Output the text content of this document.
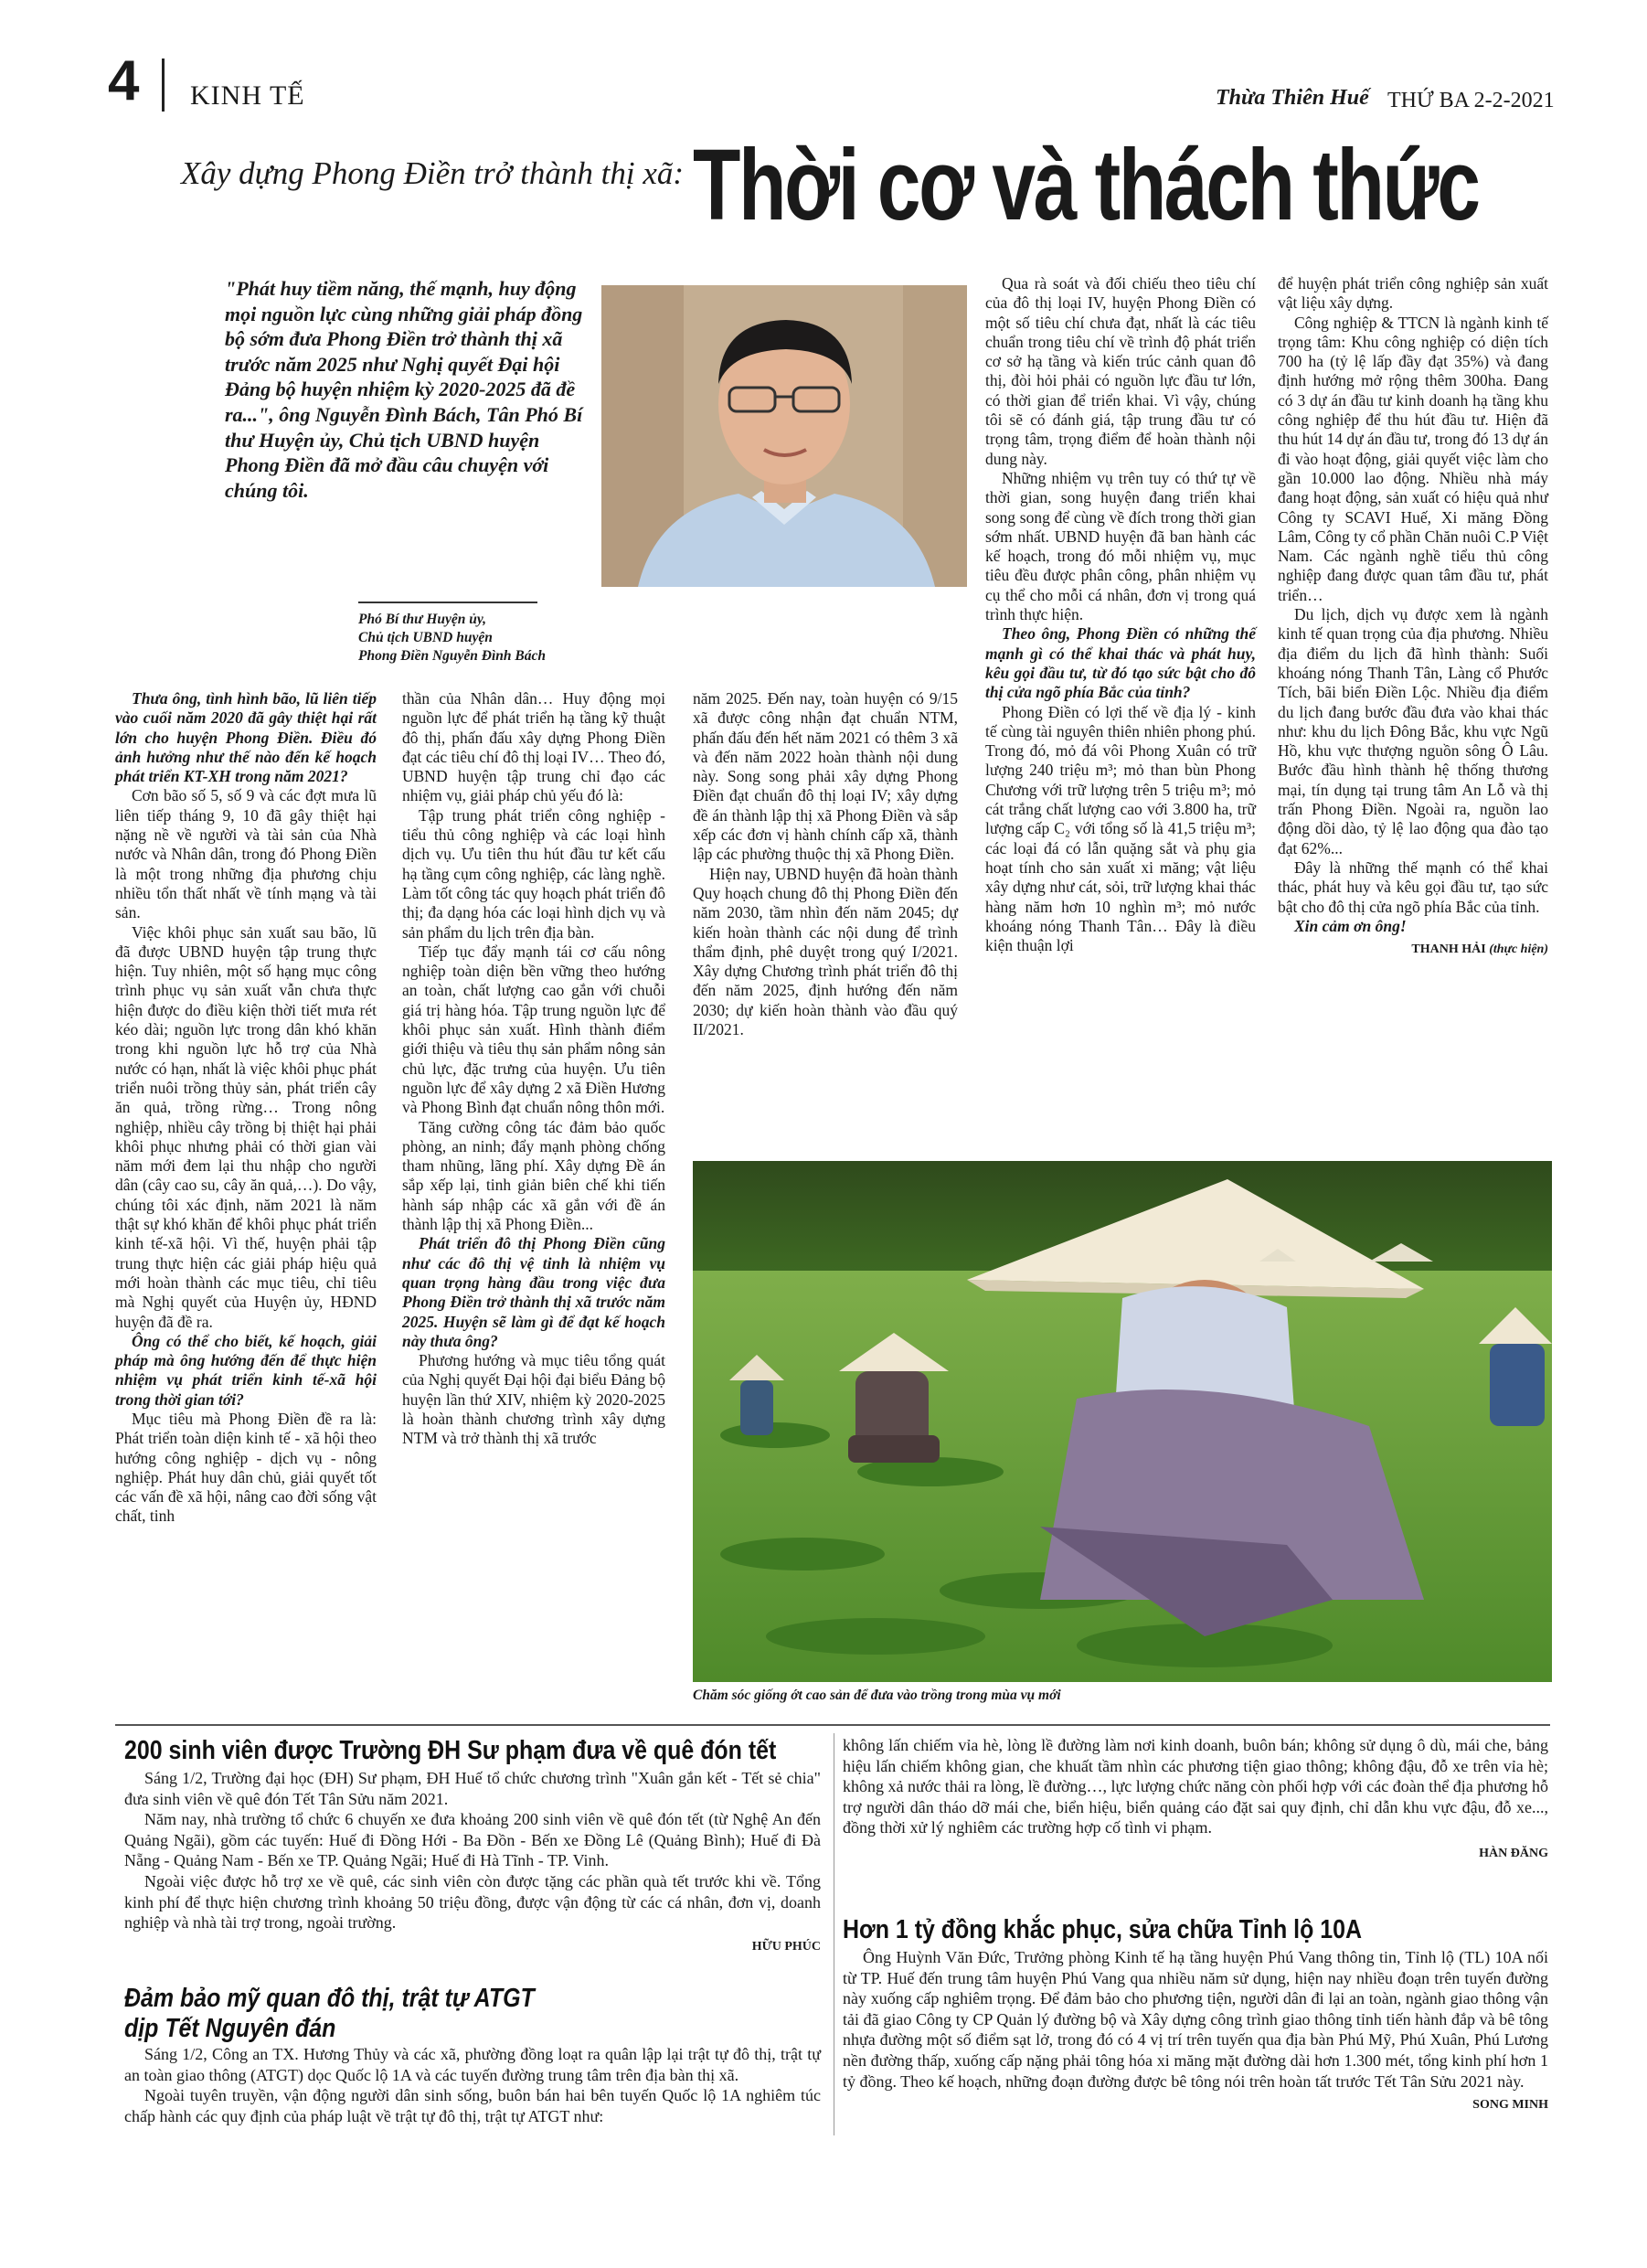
4 KINH TẾ	Thừa Thiên Huế THỨ BA 2-2-2021
Xây dựng Phong Điền trở thành thị xã: Thời cơ và thách thức
"Phát huy tiềm năng, thế mạnh, huy động mọi nguồn lực cùng những giải pháp đồng bộ sớm đưa Phong Điền trở thành thị xã trước năm 2025 như Nghị quyết Đại hội Đảng bộ huyện nhiệm kỳ 2020-2025 đã đề ra...", ông Nguyễn Đình Bách, Tân Phó Bí thư Huyện ủy, Chủ tịch UBND huyện Phong Điền đã mở đầu câu chuyện với chúng tôi.
Phó Bí thư Huyện ủy,
Chủ tịch UBND huyện
Phong Điền Nguyễn Đình Bách

Thưa ông, tình hình bão, lũ liên tiếp vào cuối năm 2020 đã gây thiệt hại rất lớn cho huyện Phong Điền. Điều đó ảnh hưởng như thế nào đến kế hoạch phát triển KT-XH trong năm 2021?

Cơn bão số 5, số 9 và các đợt mưa lũ liên tiếp tháng 9, 10 đã gây thiệt hại nặng nề về người và tài sản của Nhà nước và Nhân dân, trong đó Phong Điền là một trong những địa phương chịu nhiều tổn thất nhất về tính mạng và tài sản.

Việc khôi phục sản xuất sau bão, lũ đã được UBND huyện tập trung thực hiện. Tuy nhiên, một số hạng mục công trình phục vụ sản xuất vẫn chưa thực hiện được do điều kiện thời tiết mưa rét kéo dài; nguồn lực trong dân khó khăn trong khi nguồn lực hỗ trợ của Nhà nước có hạn, nhất là việc khôi phục phát triển nuôi trồng thủy sản, phát triển cây ăn quả, trồng rừng… Trong nông nghiệp, nhiều cây trồng bị thiệt hại phải khôi phục nhưng phải có thời gian vài năm mới đem lại thu nhập cho người dân (cây cao su, cây ăn quả,…). Do vậy, chúng tôi xác định, năm 2021 là năm thật sự khó khăn để khôi phục phát triển kinh tế-xã hội. Vì thế, huyện phải tập trung thực hiện các giải pháp hiệu quả mới hoàn thành các mục tiêu, chỉ tiêu mà Nghị quyết của Huyện ủy, HĐND huyện đã đề ra.

Ông có thể cho biết, kế hoạch, giải pháp mà ông hướng đến để thực hiện nhiệm vụ phát triển kinh tế-xã hội trong thời gian tới?

Mục tiêu mà Phong Điền đề ra là: Phát triển toàn diện kinh tế - xã hội theo hướng công nghiệp - dịch vụ - nông nghiệp. Phát huy dân chủ, giải quyết tốt các vấn đề xã hội, nâng cao đời sống vật chất, tinh

thần của Nhân dân… Huy động mọi nguồn lực để phát triển hạ tầng kỹ thuật đô thị, phấn đấu xây dựng Phong Điền đạt các tiêu chí đô thị loại IV… Theo đó, UBND huyện tập trung chỉ đạo các nhiệm vụ, giải pháp chủ yếu đó là:

Tập trung phát triển công nghiệp - tiểu thủ công nghiệp và các loại hình dịch vụ. Ưu tiên thu hút đầu tư kết cấu hạ tầng cụm công nghiệp, các làng nghề. Làm tốt công tác quy hoạch phát triển đô thị; đa dạng hóa các loại hình dịch vụ và sản phẩm du lịch trên địa bàn.

Tiếp tục đẩy mạnh tái cơ cấu nông nghiệp toàn diện bền vững theo hướng an toàn, chất lượng cao gắn với chuỗi giá trị hàng hóa. Tập trung nguồn lực để khôi phục sản xuất. Hình thành điểm giới thiệu và tiêu thụ sản phẩm nông sản chủ lực, đặc trưng của huyện. Ưu tiên nguồn lực để xây dựng 2 xã Điền Hương và Phong Bình đạt chuẩn nông thôn mới.

Tăng cường công tác đảm bảo quốc phòng, an ninh; đẩy mạnh phòng chống tham nhũng, lãng phí. Xây dựng Đề án sắp xếp lại, tinh giản biên chế khi tiến hành sáp nhập các xã gắn với đề án thành lập thị xã Phong Điền...

Phát triển đô thị Phong Điền cũng như các đô thị vệ tinh là nhiệm vụ quan trọng hàng đầu trong việc đưa Phong Điền trở thành thị xã trước năm 2025. Huyện sẽ làm gì để đạt kế hoạch này thưa ông?

Phương hướng và mục tiêu tổng quát của Nghị quyết Đại hội đại biểu Đảng bộ huyện lần thứ XIV, nhiệm kỳ 2020-2025 là hoàn thành chương trình xây dựng NTM và trở thành thị xã trước

năm 2025. Đến nay, toàn huyện có 9/15 xã được công nhận đạt chuẩn NTM, phấn đấu đến hết năm 2021 có thêm 3 xã và đến năm 2022 hoàn thành nội dung này. Song song phải xây dựng Phong Điền đạt chuẩn đô thị loại IV; xây dựng đề án thành lập thị xã Phong Điền và sắp xếp các đơn vị hành chính cấp xã, thành lập các phường thuộc thị xã Phong Điền.

Hiện nay, UBND huyện đã hoàn thành Quy hoạch chung đô thị Phong Điền đến năm 2030, tầm nhìn đến năm 2045; dự kiến hoàn thành các nội dung để trình thẩm định, phê duyệt trong quý I/2021. Xây dựng Chương trình phát triển đô thị đến năm 2025, định hướng đến năm 2030; dự kiến hoàn thành vào đầu quý II/2021.

Qua rà soát và đối chiếu theo tiêu chí của đô thị loại IV, huyện Phong Điền có một số tiêu chí chưa đạt, nhất là các tiêu chuẩn trong tiêu chí về trình độ phát triển cơ sở hạ tầng và kiến trúc cảnh quan đô thị, đòi hỏi phải có nguồn lực đầu tư lớn, có thời gian để triển khai. Vì vậy, chúng tôi sẽ có đánh giá, tập trung đầu tư có trọng tâm, trọng điểm để hoàn thành nội dung này.

Những nhiệm vụ trên tuy có thứ tự về thời gian, song huyện đang triển khai song song để cùng về đích trong thời gian sớm nhất. UBND huyện đã ban hành các kế hoạch, trong đó mỗi nhiệm vụ, mục tiêu đều được phân công, phân nhiệm vụ cụ thể cho mỗi cá nhân, đơn vị trong quá trình thực hiện.

Theo ông, Phong Điền có những thế mạnh gì có thể khai thác và phát huy, kêu gọi đầu tư, từ đó tạo sức bật cho đô thị cửa ngõ phía Bắc của tỉnh?

Phong Điền có lợi thế về địa lý - kinh tế cùng tài nguyên thiên nhiên phong phú. Trong đó, mỏ đá vôi Phong Xuân có trữ lượng 240 triệu m³; mỏ than bùn Phong Chương với trữ lượng trên 5 triệu m³; mỏ cát trắng chất lượng cao với 3.800 ha, trữ lượng cấp C₂ với tổng số là 41,5 triệu m³; các loại đá có lẫn quặng sắt và phụ gia hoạt tính cho sản xuất xi măng; vật liệu xây dựng như cát, sỏi, trữ lượng khai thác hàng năm hơn 10 nghìn m³; mỏ nước khoáng nóng Thanh Tân… Đây là điều kiện thuận lợi

để huyện phát triển công nghiệp sản xuất vật liệu xây dựng.

Công nghiệp & TTCN là ngành kinh tế trọng tâm: Khu công nghiệp có diện tích 700 ha (tỷ lệ lấp đầy đạt 35%) và đang định hướng mở rộng thêm 300ha. Đang có 3 dự án đầu tư kinh doanh hạ tầng khu công nghiệp để thu hút đầu tư. Hiện đã thu hút 14 dự án đầu tư, trong đó 13 dự án đi vào hoạt động, giải quyết việc làm cho gần 10.000 lao động. Nhiều nhà máy đang hoạt động, sản xuất có hiệu quả như Công ty SCAVI Huế, Xi măng Đồng Lâm, Công ty cổ phần Chăn nuôi C.P Việt Nam. Các ngành nghề tiểu thủ công nghiệp đang được quan tâm đầu tư, phát triển…

Du lịch, dịch vụ được xem là ngành kinh tế quan trọng của địa phương. Nhiều địa điểm du lịch đã hình thành: Suối khoáng nóng Thanh Tân, Làng cổ Phước Tích, bãi biển Điền Lộc. Nhiều địa điểm du lịch đang bước đầu đưa vào khai thác như: khu du lịch Đông Bắc, khu vực Ngũ Hồ, khu vực thượng nguồn sông Ô Lâu. Bước đầu hình thành hệ thống thương mại, tín dụng tại trung tâm An Lỗ và thị trấn Phong Điền. Ngoài ra, nguồn lao động dồi dào, tỷ lệ lao động qua đào tạo đạt 62%...

Đây là những thế mạnh có thể khai thác, phát huy và kêu gọi đầu tư, tạo sức bật cho đô thị cửa ngõ phía Bắc của tỉnh.

Xin cảm ơn ông!

THANH HẢI (thực hiện)

Chăm sóc giống ớt cao sản để đưa vào trồng trong mùa vụ mới
200 sinh viên được Trường ĐH Sư phạm đưa về quê đón tết

Sáng 1/2, Trường đại học (ĐH) Sư phạm, ĐH Huế tổ chức chương trình "Xuân gắn kết - Tết sẻ chia" đưa sinh viên về quê đón Tết Tân Sửu năm 2021.

Năm nay, nhà trường tổ chức 6 chuyến xe đưa khoảng 200 sinh viên về quê đón tết (từ Nghệ An đến Quảng Ngãi), gồm các tuyến: Huế đi Đồng Hới - Ba Đồn - Bến xe Đồng Lê (Quảng Bình); Huế đi Đà Nẵng - Quảng Nam - Bến xe TP. Quảng Ngãi; Huế đi Hà Tĩnh - TP. Vinh.

Ngoài việc được hỗ trợ xe về quê, các sinh viên còn được tặng các phần quà tết trước khi về. Tổng kinh phí để thực hiện chương trình khoảng 50 triệu đồng, được vận động từ các cá nhân, đơn vị, doanh nghiệp và nhà tài trợ trong, ngoài trường.

HỮU PHÚC
Đảm bảo mỹ quan đô thị, trật tự ATGT
dịp Tết Nguyên đán

Sáng 1/2, Công an TX. Hương Thủy và các xã, phường đồng loạt ra quân lập lại trật tự đô thị, trật tự an toàn giao thông (ATGT) dọc Quốc lộ 1A và các tuyến đường trung tâm trên địa bàn thị xã.

Ngoài tuyên truyền, vận động người dân sinh sống, buôn bán hai bên tuyến Quốc lộ 1A nghiêm túc chấp hành các quy định của pháp luật về trật tự đô thị, trật tự ATGT như:

không lấn chiếm vỉa hè, lòng lề đường làm nơi kinh doanh, buôn bán; không sử dụng ô dù, mái che, bảng hiệu lấn chiếm không gian, che khuất tầm nhìn các phương tiện giao thông; không đậu, đỗ xe trên vỉa hè; không xả nước thải ra lòng, lề đường…, lực lượng chức năng còn phối hợp với các đoàn thể địa phương hỗ trợ người dân tháo dỡ mái che, biển hiệu, biển quảng cáo đặt sai quy định, chỉ dẫn khu vực đậu, đỗ xe..., đồng thời xử lý nghiêm các trường hợp cố tình vi phạm.

HÀN ĐĂNG
Hơn 1 tỷ đồng khắc phục, sửa chữa Tỉnh lộ 10A

Ông Huỳnh Văn Đức, Trưởng phòng Kinh tế hạ tầng huyện Phú Vang thông tin, Tỉnh lộ (TL) 10A nối từ TP. Huế đến trung tâm huyện Phú Vang qua nhiều năm sử dụng, hiện nay nhiều đoạn trên tuyến đường này xuống cấp nghiêm trọng. Để đảm bảo cho phương tiện, người dân đi lại an toàn, ngành giao thông vận tải đã giao Công ty CP Quản lý đường bộ và Xây dựng công trình giao thông tỉnh tiến hành đắp và bê tông nhựa đường một số điểm sạt lở, trong đó có 4 vị trí trên tuyến qua địa bàn Phú Mỹ, Phú Xuân, Phú Lương nền đường thấp, xuống cấp nặng phải tông hóa xi măng mặt đường dài hơn 1.300 mét, tổng kinh phí hơn 1 tỷ đồng. Theo kế hoạch, những đoạn đường được bê tông nói trên hoàn tất trước Tết Tân Sửu 2021 này.

SONG MINH
